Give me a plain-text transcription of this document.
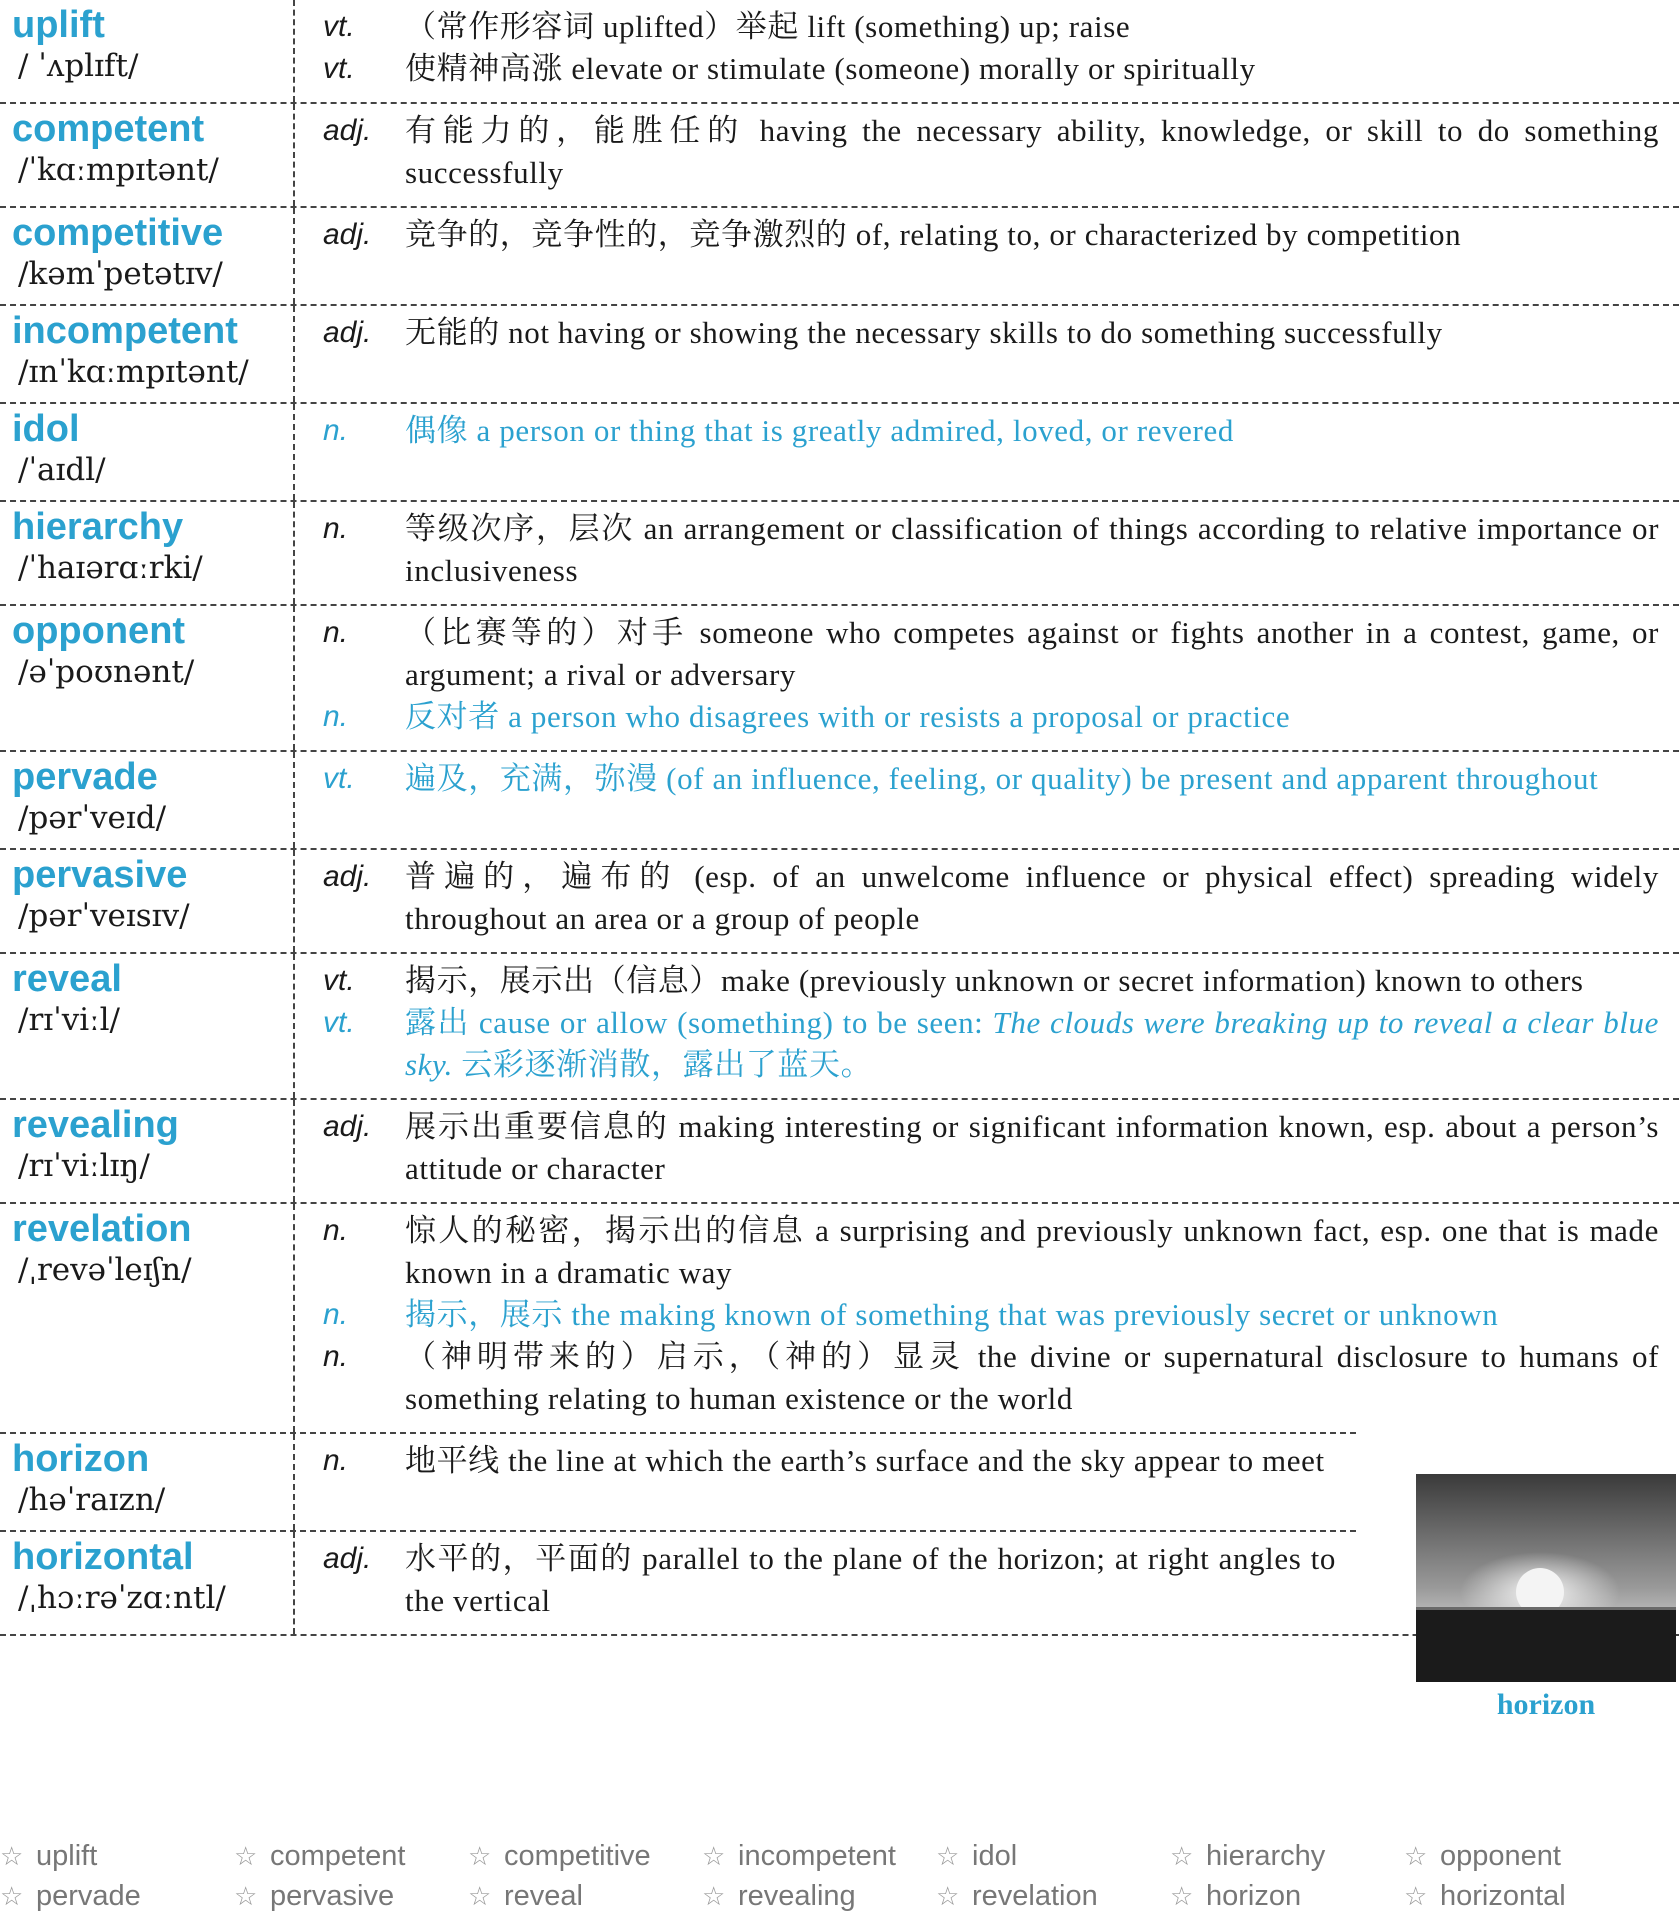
uplift
/ ˈʌplɪft/
vt.	（常作形容词 uplifted）举起 lift (something) up; raise
vt.	使精神高涨 elevate or stimulate (someone) morally or spiritually
competent
/ˈkɑːmpɪtənt/
adj.	有能力的，能胜任的 having the necessary ability, knowledge, or skill to do something successfully
competitive
/kəmˈpetətɪv/
adj.	竞争的，竞争性的，竞争激烈的 of, relating to, or characterized by competition
incompetent
/ɪnˈkɑːmpɪtənt/
adj.	无能的 not having or showing the necessary skills to do something successfully
idol
/ˈaɪdl/
n.	偶像 a person or thing that is greatly admired, loved, or revered
hierarchy
/ˈhaɪərɑːrki/
n.	等级次序，层次 an arrangement or classification of things according to relative importance or inclusiveness
opponent
/əˈpoʊnənt/
n.	（比赛等的）对手 someone who competes against or fights another in a contest, game, or argument; a rival or adversary
n.	反对者 a person who disagrees with or resists a proposal or practice
pervade
/pərˈveɪd/
vt.	遍及，充满，弥漫 (of an influence, feeling, or quality) be present and apparent throughout
pervasive
/pərˈveɪsɪv/
adj.	普遍的，遍布的 (esp. of an unwelcome influence or physical effect) spreading widely throughout an area or a group of people
reveal
/rɪˈviːl/
vt.	揭示，展示出（信息）make (previously unknown or secret information) known to others
vt.	露出 cause or allow (something) to be seen: The clouds were breaking up to reveal a clear blue sky. 云彩逐渐消散，露出了蓝天。
revealing
/rɪˈviːlɪŋ/
adj.	展示出重要信息的 making interesting or significant information known, esp. about a person’s attitude or character
revelation
/ˌrevəˈleɪʃn/
n.	惊人的秘密，揭示出的信息 a surprising and previously unknown fact, esp. one that is made known in a dramatic way
n.	揭示，展示 the making known of something that was previously secret or unknown
n.	（神明带来的）启示，（神的）显灵 the divine or supernatural disclosure to humans of something relating to human existence or the world
horizon
/həˈraɪzn/
n.	地平线 the line at which the earth’s surface and the sky appear to meet
horizontal
/ˌhɔːrəˈzɑːntl/
adj.	水平的，平面的 parallel to the plane of the horizon; at right angles to the vertical
horizon
☆ uplift	☆ competent	☆ competitive	☆ incompetent	☆ idol	☆ hierarchy	☆ opponent
☆ pervade	☆ pervasive	☆ reveal	☆ revealing	☆ revelation	☆ horizon	☆ horizontal
